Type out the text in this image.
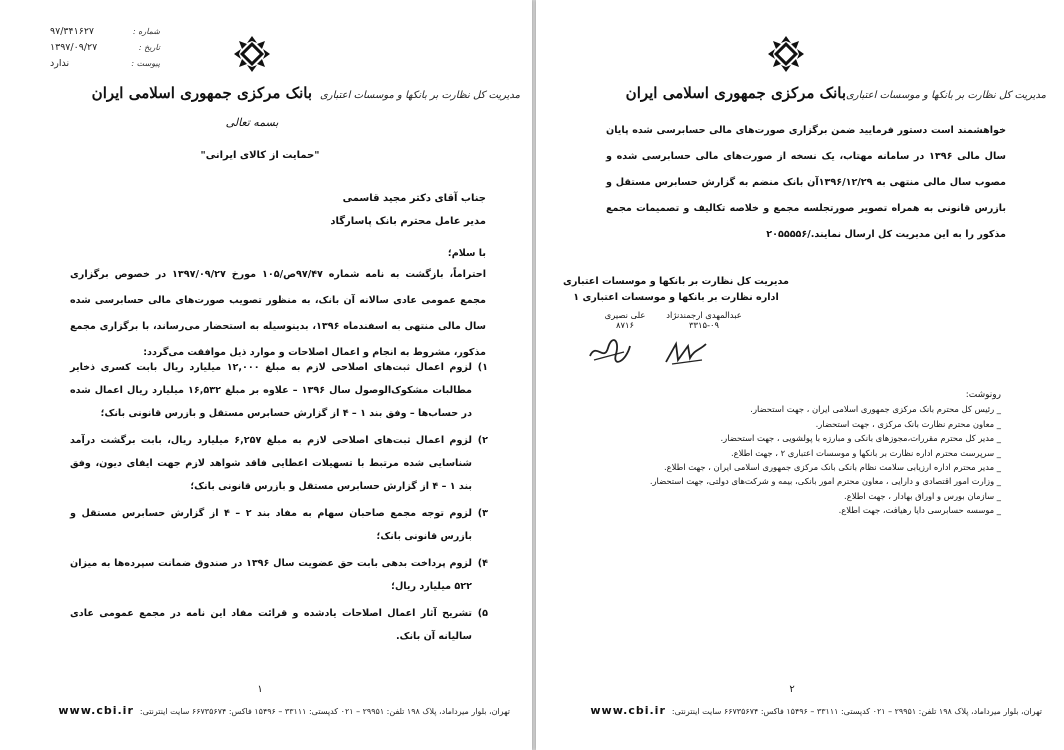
شماره :
۹۷/۳۴۱۶۲۷
تاریخ :
۱۳۹۷/۰۹/۲۷
پیوست :
ندارد
بانک مرکزی جمهوری اسلامی ایران مدیریت کل نظارت بر بانکها و موسسات اعتباری
بسمه تعالی
"حمایت از کالای ایرانی"
جناب آقای دکتر مجید قاسمی
مدیر عامل محترم بانک پاسارگاد
با سلام؛
احتراماً، بازگشت به نامه شماره ۹۷/۴۷ص/۱۰۵ مورخ ۱۳۹۷/۰۹/۲۷ در خصوص برگزاری مجمع عمومی عادی سالانه آن بانک، به منظور تصویب صورت‌های مالی حسابرسی شده سال مالی منتهی به اسفندماه ۱۳۹۶، بدینوسیله به استحضار می‌رساند، با برگزاری مجمع مذکور، مشروط به انجام و اعمال اصلاحات و موارد ذیل موافقت می‌گردد:
۱)
لزوم اعمال ثبت‌های اصلاحی لازم به مبلغ ۱۲,۰۰۰ میلیارد ریال بابت کسری ذخایر مطالبات مشکوک‌الوصول سال ۱۳۹۶ – علاوه بر مبلغ ۱۶,۵۳۲ میلیارد ریال اعمال شده در حساب‌ها – وفق بند ۱ – ۴ از گزارش حسابرس مستقل و بازرس قانونی بانک؛
۲)
لزوم اعمال ثبت‌های اصلاحی لازم به مبلغ ۶,۲۵۷ میلیارد ریال، بابت برگشت درآمد شناسایی شده مرتبط با تسهیلات اعطایی فاقد شواهد لازم جهت ایفای دیون، وفق بند ۱ – ۴ از گزارش حسابرس مستقل و بازرس قانونی بانک؛
۳)
لزوم توجه مجمع صاحبان سهام به مفاد بند ۲ – ۴ از گزارش حسابرس مستقل و بازرس قانونی بانک؛
۴)
لزوم پرداخت بدهی بابت حق عضویت سال ۱۳۹۶ در صندوق ضمانت سپرده‌ها به میزان ۵۲۲ میلیارد ریال؛
۵)
تشریح آثار اعمال اصلاحات یادشده و قرائت مفاد این نامه در مجمع عمومی عادی سالیانه آن بانک.
۱
تهران، بلوار میرداماد، پلاک ۱۹۸ تلفن: ۲۹۹۵۱ – ۰۲۱ کدپستی: ۳۳۱۱۱ – ۱۵۴۹۶ فاکس: ۶۶۷۳۵۶۷۴ سایت اینترنتی:
www.cbi.ir
بانک مرکزی جمهوری اسلامی ایران مدیریت کل نظارت بر بانکها و موسسات اعتباری
خواهشمند است دستور فرمایید ضمن برگزاری صورت‌های مالی حسابرسی شده پایان سال مالی ۱۳۹۶ در سامانه مهتاب، یک نسخه از صورت‌های مالی حسابرسی شده و مصوب سال مالی منتهی به ۱۳۹۶/۱۲/۲۹آن بانک منضم به گزارش حسابرس مستقل و بازرس قانونی به همراه تصویر صورتجلسه مجمع و خلاصه تکالیف و تصمیمات مجمع مذکور را به این مدیریت کل ارسال نمایند./۲۰۵۵۵۵۶
مدیریت کل نظارت بر بانکها و موسسات اعتباری
اداره نظارت بر بانکها و موسسات اعتباری ۱
علی نصیری
۸۷۱۶
عبدالمهدی ارجمندنژاد
۳۳۱۵-۰۹
رونوشت:
_ رئیس کل محترم بانک مرکزی جمهوری اسلامی ایران ، جهت استحضار.
_ معاون محترم نظارت بانک مرکزی ، جهت استحضار.
_ مدیر کل محترم مقررات،مجوزهای بانکی و مبارزه با پولشویی ، جهت استحضار.
_ سرپرست محترم اداره نظارت بر بانکها و موسسات اعتباری ۲ ، جهت اطلاع.
_ مدیر محترم اداره ارزیابی سلامت نظام بانکی بانک مرکزی جمهوری اسلامی ایران ، جهت اطلاع.
_ وزارت امور اقتصادی و دارایی ، معاون محترم امور بانکی، بیمه و شرکت‌های دولتی، جهت استحضار.
_ سازمان بورس و اوراق بهادار ، جهت اطلاع.
_ موسسه حسابرسی دایا رهیافت، جهت اطلاع.
۲
تهران، بلوار میرداماد، پلاک ۱۹۸ تلفن: ۲۹۹۵۱ – ۰۲۱ کدپستی: ۳۳۱۱۱ – ۱۵۴۹۶ فاکس: ۶۶۷۳۵۶۷۴ سایت اینترنتی:
www.cbi.ir
